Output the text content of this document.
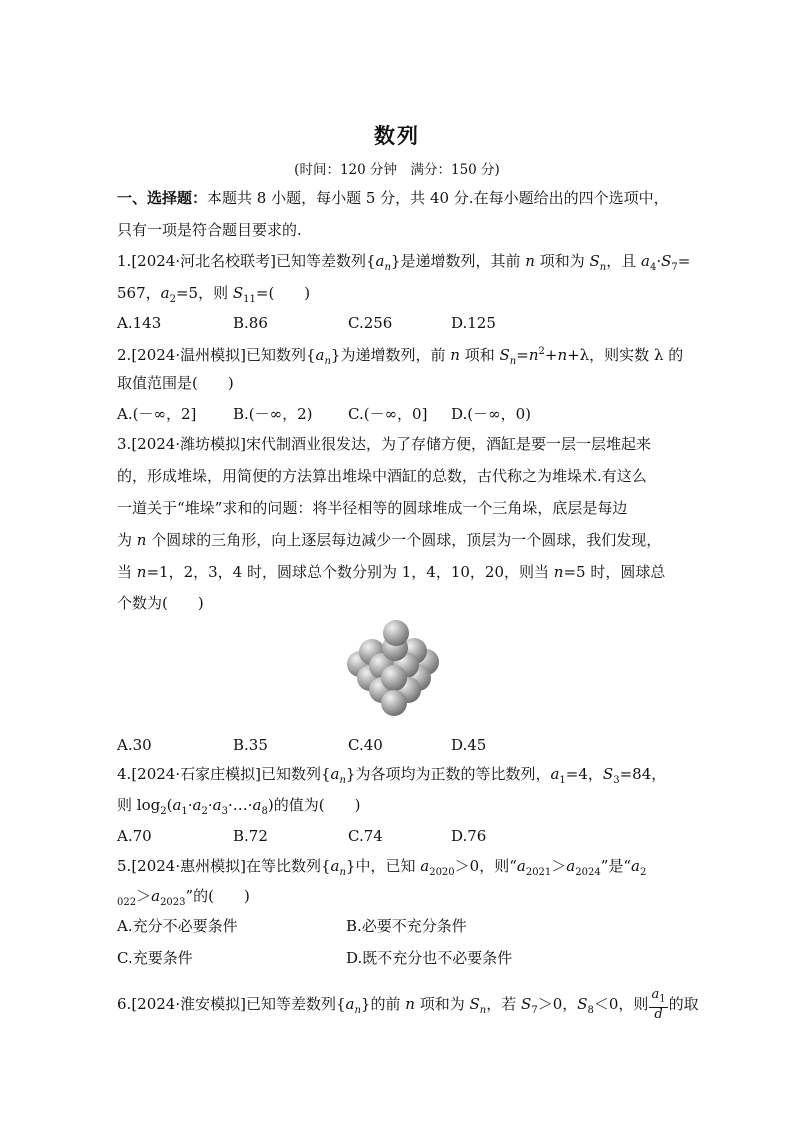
数列
(时间：120 分钟　满分：150 分)
一、选择题：本题共 8 小题，每小题 5 分，共 40 分.在每小题给出的四个选项中，
只有一项是符合题目要求的.
1.[2024·河北名校联考]已知等差数列$\{a_n\}$是递增数列，其前 n 项和为 $S_n$，且 $a_4\cdot S_7=$
567，$a_2=5$，则 $S_{11}=$(　　)
A.143	B.86	C.256	D.125
2.[2024·温州模拟]已知数列$\{a_n\}$为递增数列，前 n 项和 $S_n=n^2+n+\lambda$，则实数 λ 的
取值范围是(　　)
A.(－∞，2] B.(－∞，2) C.(－∞，0] D.(－∞，0)
3.[2024·潍坊模拟]宋代制酒业很发达，为了存储方便，酒缸是要一层一层堆起来
的，形成堆垛，用简便的方法算出堆垛中酒缸的总数，古代称之为堆垛术.有这么
一道关于“堆垛”求和的问题：将半径相等的圆球堆成一个三角垛，底层是每边
为 n 个圆球的三角形，向上逐层每边减少一个圆球，顶层为一个圆球，我们发现，
当 n=1，2，3，4 时，圆球总个数分别为 1，4，10，20，则当 n=5 时，圆球总
个数为(　　)
A.30	B.35	C.40	D.45
4.[2024·石家庄模拟]已知数列$\{a_n\}$为各项均为正数的等比数列，$a_1=4$，$S_3=84$，
则 $\log_2(a_1\cdot a_2\cdot a_3\cdot\dots\cdot a_8)$的值为(　　)
A.70	B.72	C.74	D.76
5.[2024·惠州模拟]在等比数列$\{a_n\}$中，已知 $a_{2020}>0$，则“$a_{2021}>a_{2024}$”是“$a_2$
$_{022}>a_{2023}$”的(　　)
A.充分不必要条件	B.必要不充分条件
C.充要条件	D.既不充分也不必要条件
6.[2024·淮安模拟]已知等差数列$\{a_n\}$的前 n 项和为 $S_n$，若 $S_7>0$，$S_8<0$，则 $\frac{a_1}{d}$ 的取
